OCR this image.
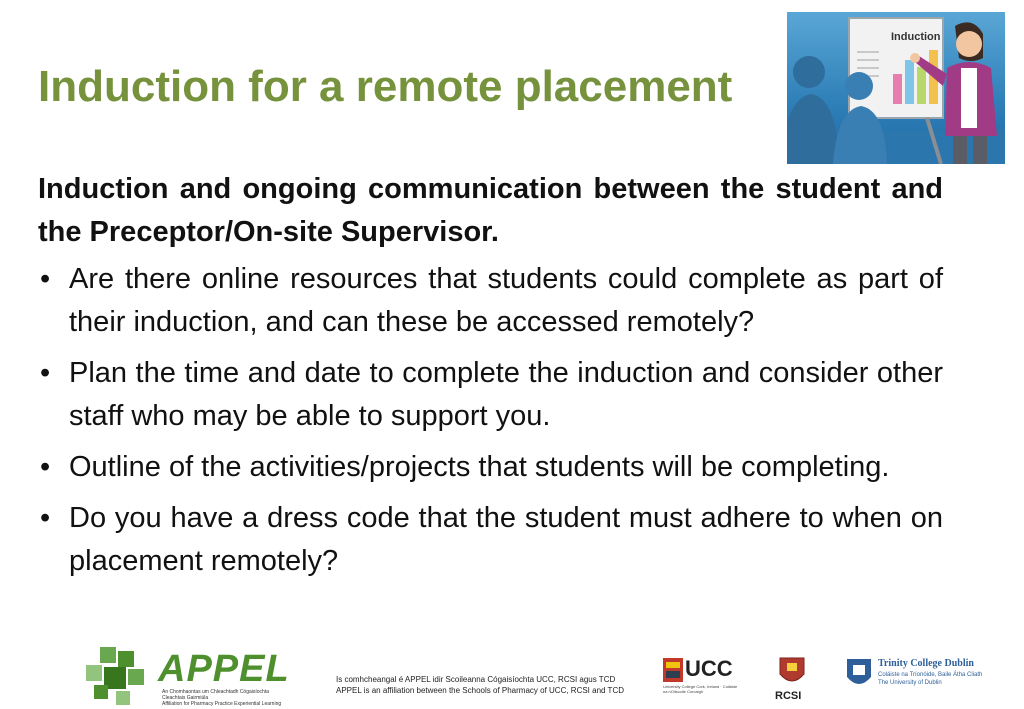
Induction for a remote placement
Induction
Induction and ongoing communication between the student and the Preceptor/On-site Supervisor.
• Are there online resources that students could complete as part of their induction, and can these be accessed remotely?
• Plan the time and date to complete the induction and consider other staff who may be able to support you.
• Outline of the activities/projects that students will be completing.
• Do you have a dress code that the student must adhere to when on placement remotely?
APPEL
An Chomhaontas um Chleachtadh Cógaisíochta Cleachtais Gairmiúla
Affiliation for Pharmacy Practice Experiential Learning
Is comhcheangal é APPEL idir Scoileanna Cógaisíochta UCC, RCSI agus TCD
APPEL is an affiliation between the Schools of Pharmacy of UCC, RCSI and TCD
UCC
University College Cork, Ireland · Coláiste na hOllscoile Corcaigh	RCSI
Trinity College Dublin
Coláiste na Tríonóide, Baile Átha Cliath
The University of Dublin
